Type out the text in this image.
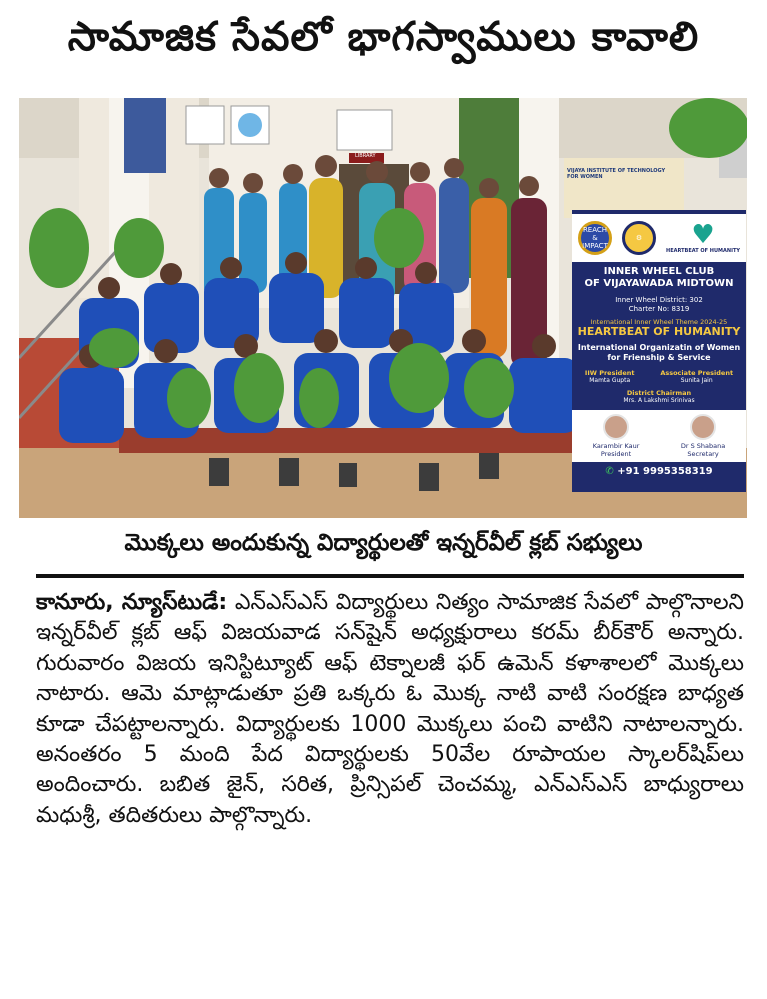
సామాజిక సేవలో భాగస్వాములు కావాలి
REACH & IMPACT
⚙	♥
HEARTBEAT OF HUMANITY
INNER WHEEL CLUB
OF VIJAYAWADA MIDTOWN
Inner Wheel District: 302
Charter No: 8319
International Inner Wheel Theme 2024-25
HEARTBEAT OF HUMANITY
International Organizatin of Women
for Frienship & Service
IIW President
Mamta Gupta
Associate President
Sunita Jain
District Chairman
Mrs. A Lakshmi Srinivas
Karambir Kaur
President
Dr S Shabana
Secretary
✆ +91 9995358319
VIJAYA INSTITUTE OF TECHNOLOGY FOR WOMEN
LIBRARY
మొక్కలు అందుకున్న విద్యార్థులతో ఇన్నర్‌వీల్ క్లబ్ సభ్యులు
కానూరు, న్యూస్‌టుడే: ఎన్ఎస్ఎస్ విద్యార్థులు నిత్యం సామాజిక సేవలో పాల్గొనాలని ఇన్నర్‌వీల్ క్లబ్ ఆఫ్ విజయవాడ సన్‌షైన్ అధ్యక్షురాలు కరమ్ బీర్‌కౌర్ అన్నారు. గురువారం విజయ ఇనిస్టిట్యూట్ ఆఫ్ టెక్నాలజీ ఫర్ ఉమెన్ కళాశాలలో మొక్కలు నాటారు. ఆమె మాట్లాడుతూ ప్రతి ఒక్కరు ఓ మొక్క నాటి వాటి సంరక్షణ బాధ్యత కూడా చేపట్టాలన్నారు. విద్యార్థులకు 1000 మొక్కలు పంచి వాటిని నాటాలన్నారు. అనంతరం 5 మంది పేద విద్యార్థులకు 50వేల రూపాయల స్కాలర్‌షిప్‌లు అందించారు. బబిత జైన్, సరిత, ప్రిన్సిపల్ చెంచమ్మ, ఎన్ఎస్ఎస్ బాధ్యురాలు మధుశ్రీ, తదితరులు పాల్గొన్నారు.
